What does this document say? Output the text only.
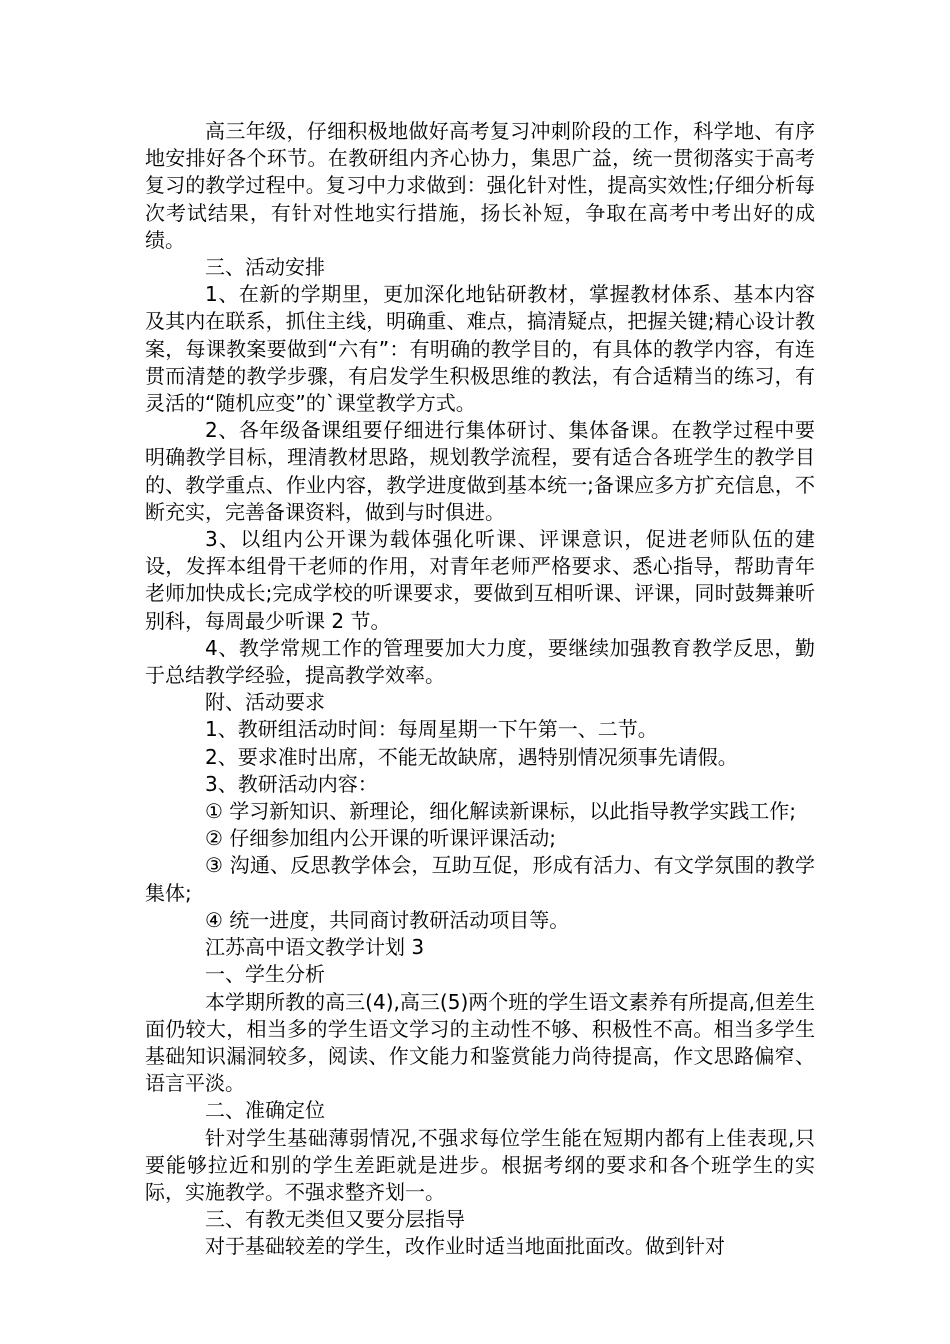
高三年级，仔细积极地做好高考复习冲刺阶段的工作，科学地、有序地安排好各个环节。在教研组内齐心协力，集思广益，统一贯彻落实于高考复习的教学过程中。复习中力求做到：强化针对性，提高实效性;仔细分析每次考试结果，有针对性地实行措施，扬长补短，争取在高考中考出好的成绩。

三、活动安排

1、在新的学期里，更加深化地钻研教材，掌握教材体系、基本内容及其内在联系，抓住主线，明确重、难点，搞清疑点，把握关键;精心设计教案，每课教案要做到“六有”：有明确的教学目的，有具体的教学内容，有连贯而清楚的教学步骤，有启发学生积极思维的教法，有合适精当的练习，有灵活的“随机应变”的`课堂教学方式。

2、各年级备课组要仔细进行集体研讨、集体备课。在教学过程中要明确教学目标，理清教材思路，规划教学流程，要有适合各班学生的教学目的、教学重点、作业内容，教学进度做到基本统一;备课应多方扩充信息，不断充实，完善备课资料，做到与时俱进。

3、以组内公开课为载体强化听课、评课意识，促进老师队伍的建设，发挥本组骨干老师的作用，对青年老师严格要求、悉心指导，帮助青年老师加快成长;完成学校的听课要求，要做到互相听课、评课，同时鼓舞兼听别科，每周最少听课 2 节。

4、教学常规工作的管理要加大力度，要继续加强教育教学反思，勤于总结教学经验，提高教学效率。

附、活动要求

1、教研组活动时间：每周星期一下午第一、二节。

2、要求准时出席，不能无故缺席，遇特别情况须事先请假。

3、教研活动内容：

① 学习新知识、新理论，细化解读新课标，以此指导教学实践工作;

② 仔细参加组内公开课的听课评课活动;

③ 沟通、反思教学体会，互助互促，形成有活力、有文学氛围的教学集体;

④ 统一进度，共同商讨教研活动项目等。

江苏高中语文教学计划 3

一、学生分析

本学期所教的高三(4),高三(5)两个班的学生语文素养有所提高,但差生面仍较大，相当多的学生语文学习的主动性不够、积极性不高。相当多学生基础知识漏洞较多，阅读、作文能力和鉴赏能力尚待提高，作文思路偏窄、语言平淡。

二、准确定位

针对学生基础薄弱情况,不强求每位学生能在短期内都有上佳表现,只要能够拉近和别的学生差距就是进步。根据考纲的要求和各个班学生的实际，实施教学。不强求整齐划一。

三、有教无类但又要分层指导

对于基础较差的学生，改作业时适当地面批面改。做到针对
